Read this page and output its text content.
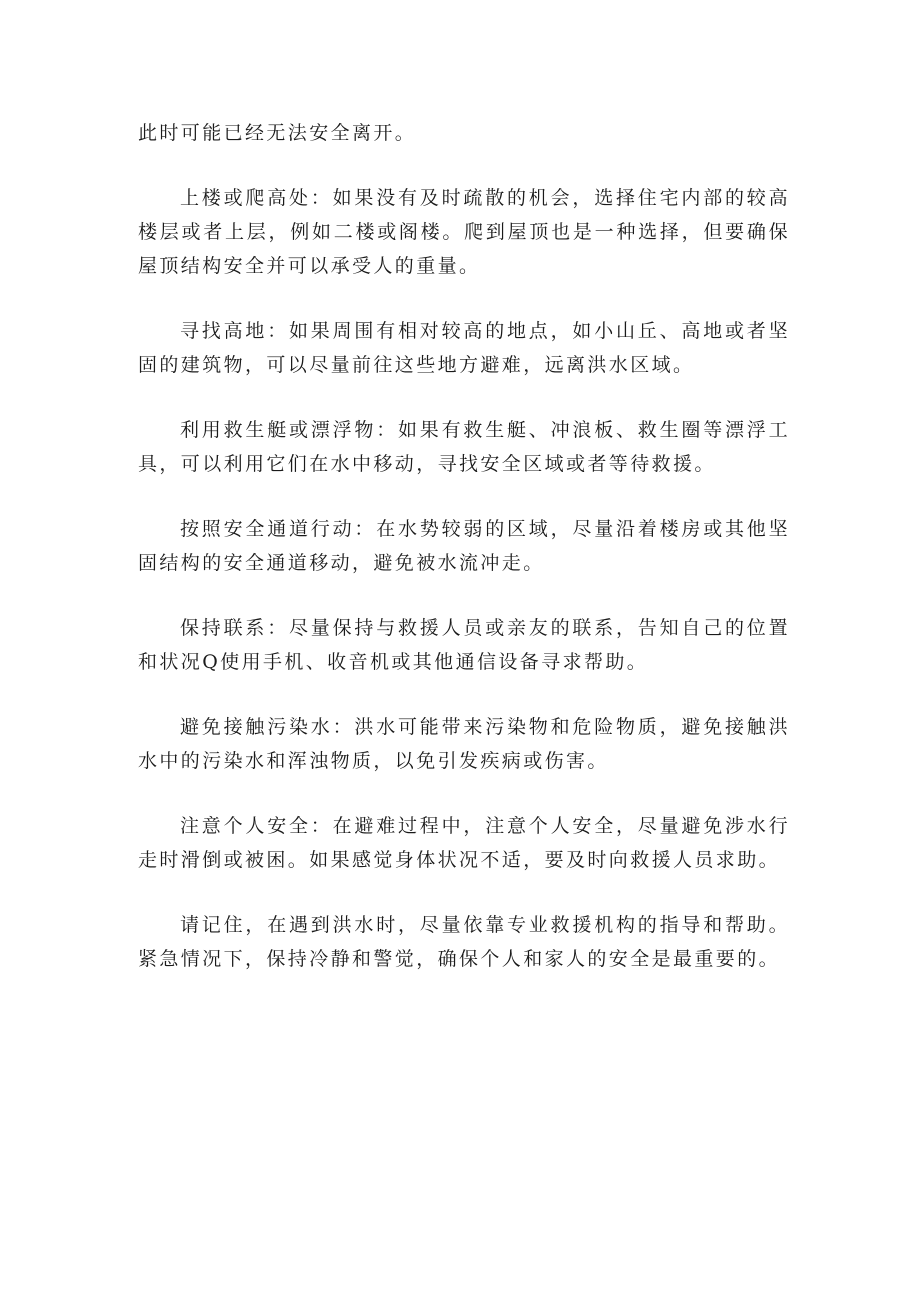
此时可能已经无法安全离开。

上楼或爬高处：如果没有及时疏散的机会，选择住宅内部的较高楼层或者上层，例如二楼或阁楼。爬到屋顶也是一种选择，但要确保屋顶结构安全并可以承受人的重量。

寻找高地：如果周围有相对较高的地点，如小山丘、高地或者坚固的建筑物，可以尽量前往这些地方避难，远离洪水区域。

利用救生艇或漂浮物：如果有救生艇、冲浪板、救生圈等漂浮工具，可以利用它们在水中移动，寻找安全区域或者等待救援。

按照安全通道行动：在水势较弱的区域，尽量沿着楼房或其他坚固结构的安全通道移动，避免被水流冲走。

保持联系：尽量保持与救援人员或亲友的联系，告知自己的位置和状况Q使用手机、收音机或其他通信设备寻求帮助。

避免接触污染水：洪水可能带来污染物和危险物质，避免接触洪水中的污染水和浑浊物质，以免引发疾病或伤害。

注意个人安全：在避难过程中，注意个人安全，尽量避免涉水行走时滑倒或被困。如果感觉身体状况不适，要及时向救援人员求助。

请记住，在遇到洪水时，尽量依靠专业救援机构的指导和帮助。紧急情况下，保持冷静和警觉，确保个人和家人的安全是最重要的。
